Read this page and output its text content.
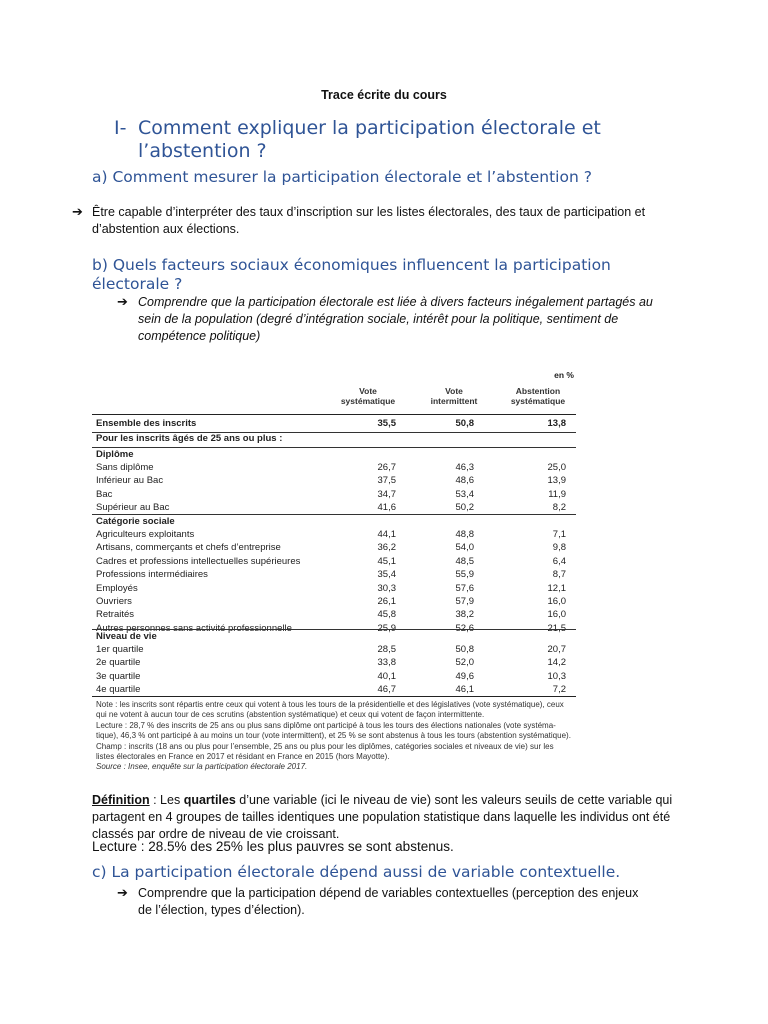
Trace écrite du cours
I- Comment expliquer la participation électorale et
l’abstention ?
a) Comment mesurer la participation électorale et l’abstention ?
➔ Être capable d’interpréter des taux d’inscription sur les listes électorales, des taux de participation et
d’abstention aux élections.
b) Quels facteurs sociaux économiques influencent la participation
électorale ?
➔ Comprendre que la participation électorale est liée à divers facteurs inégalement partagés au
sein de la population (degré d’intégration sociale, intérêt pour la politique, sentiment de
compétence politique)
en %
Vote
systématique
Vote
intermittent
Abstention
systématique
Ensemble des inscrits	35,5	50,8	13,8
Pour les inscrits âgés de 25 ans ou plus :
Diplôme
Sans diplôme	26,7	46,3	25,0
Inférieur au Bac	37,5	48,6	13,9
Bac	34,7	53,4	11,9
Supérieur au Bac	41,6	50,2	8,2
Catégorie sociale
Agriculteurs exploitants	44,1	48,8	7,1
Artisans, commerçants et chefs d’entreprise	36,2	54,0	9,8
Cadres et professions intellectuelles supérieures	45,1	48,5	6,4
Professions intermédiaires	35,4	55,9	8,7
Employés	30,3	57,6	12,1
Ouvriers	26,1	57,9	16,0
Retraités	45,8	38,2	16,0
Autres personnes sans activité professionnelle	25,9	52,6	21,5
Niveau de vie
1er quartile	28,5	50,8	20,7
2e quartile	33,8	52,0	14,2
3e quartile	40,1	49,6	10,3
4e quartile	46,7	46,1	7,2
Note : les inscrits sont répartis entre ceux qui votent à tous les tours de la présidentielle et des législatives (vote systématique), ceux
qui ne votent à aucun tour de ces scrutins (abstention systématique) et ceux qui votent de façon intermittente.
Lecture : 28,7 % des inscrits de 25 ans ou plus sans diplôme ont participé à tous les tours des élections nationales (vote systéma-
tique), 46,3 % ont participé à au moins un tour (vote intermittent), et 25 % se sont abstenus à tous les tours (abstention systématique).
Champ : inscrits (18 ans ou plus pour l’ensemble, 25 ans ou plus pour les diplômes, catégories sociales et niveaux de vie) sur les
listes électorales en France en 2017 et résidant en France en 2015 (hors Mayotte).
Source : Insee, enquête sur la participation électorale 2017.
Définition : Les quartiles d’une variable (ici le niveau de vie) sont les valeurs seuils de cette variable qui
partagent en 4 groupes de tailles identiques une population statistique dans laquelle les individus ont été
classés par ordre de niveau de vie croissant.
Lecture : 28.5% des 25% les plus pauvres se sont abstenus.
c) La participation électorale dépend aussi de variable contextuelle.
➔ Comprendre que la participation dépend de variables contextuelles (perception des enjeux
de l’élection, types d’élection).
